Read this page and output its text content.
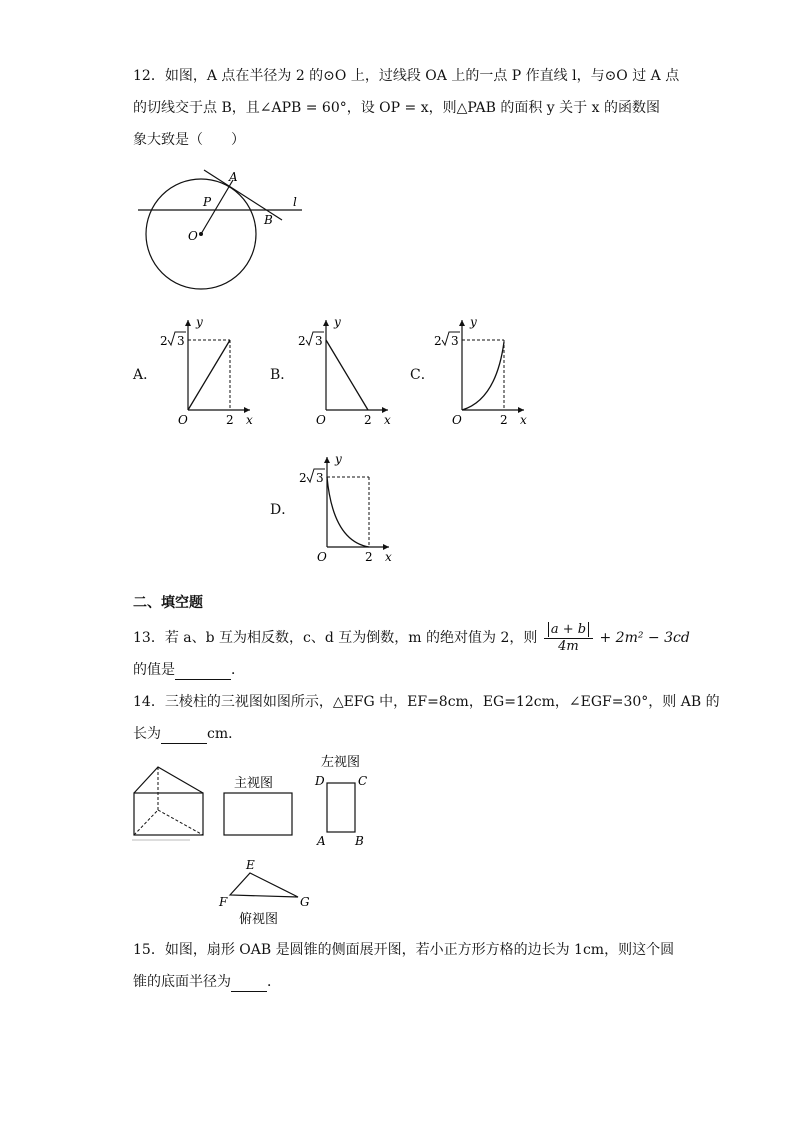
12．如图，A 点在半径为 2 的⊙O 上，过线段 OA 上的一点 P 作直线 l，与⊙O 过 A 点
的切线交于点 B，且∠APB = 60°，设 OP = x，则△PAB 的面积 y 关于 x 的函数图
象大致是（　　）
A
P
O
B
l
A．	B．	C．
D．
y
x
O	2
2 3
y
x
O	2
2 3
y
x
O	2
2 3
y
x
O	2
2 3
二、填空题
13．若 a、b 互为相反数，c、d 互为倒数，m 的绝对值为 2，则 $\frac{a + b}{4m} + 2m^2 - 3cd$
的值是	．
14．三棱柱的三视图如图所示，△EFG 中，EF=8cm，EG=12cm，∠EGF=30°，则 AB 的
长为	cm．
主视图
左视图
D	C
A B
E
F	G
俯视图
15．如图，扇形 OAB 是圆锥的侧面展开图，若小正方形方格的边长为 1cm，则这个圆
锥的底面半径为	．
